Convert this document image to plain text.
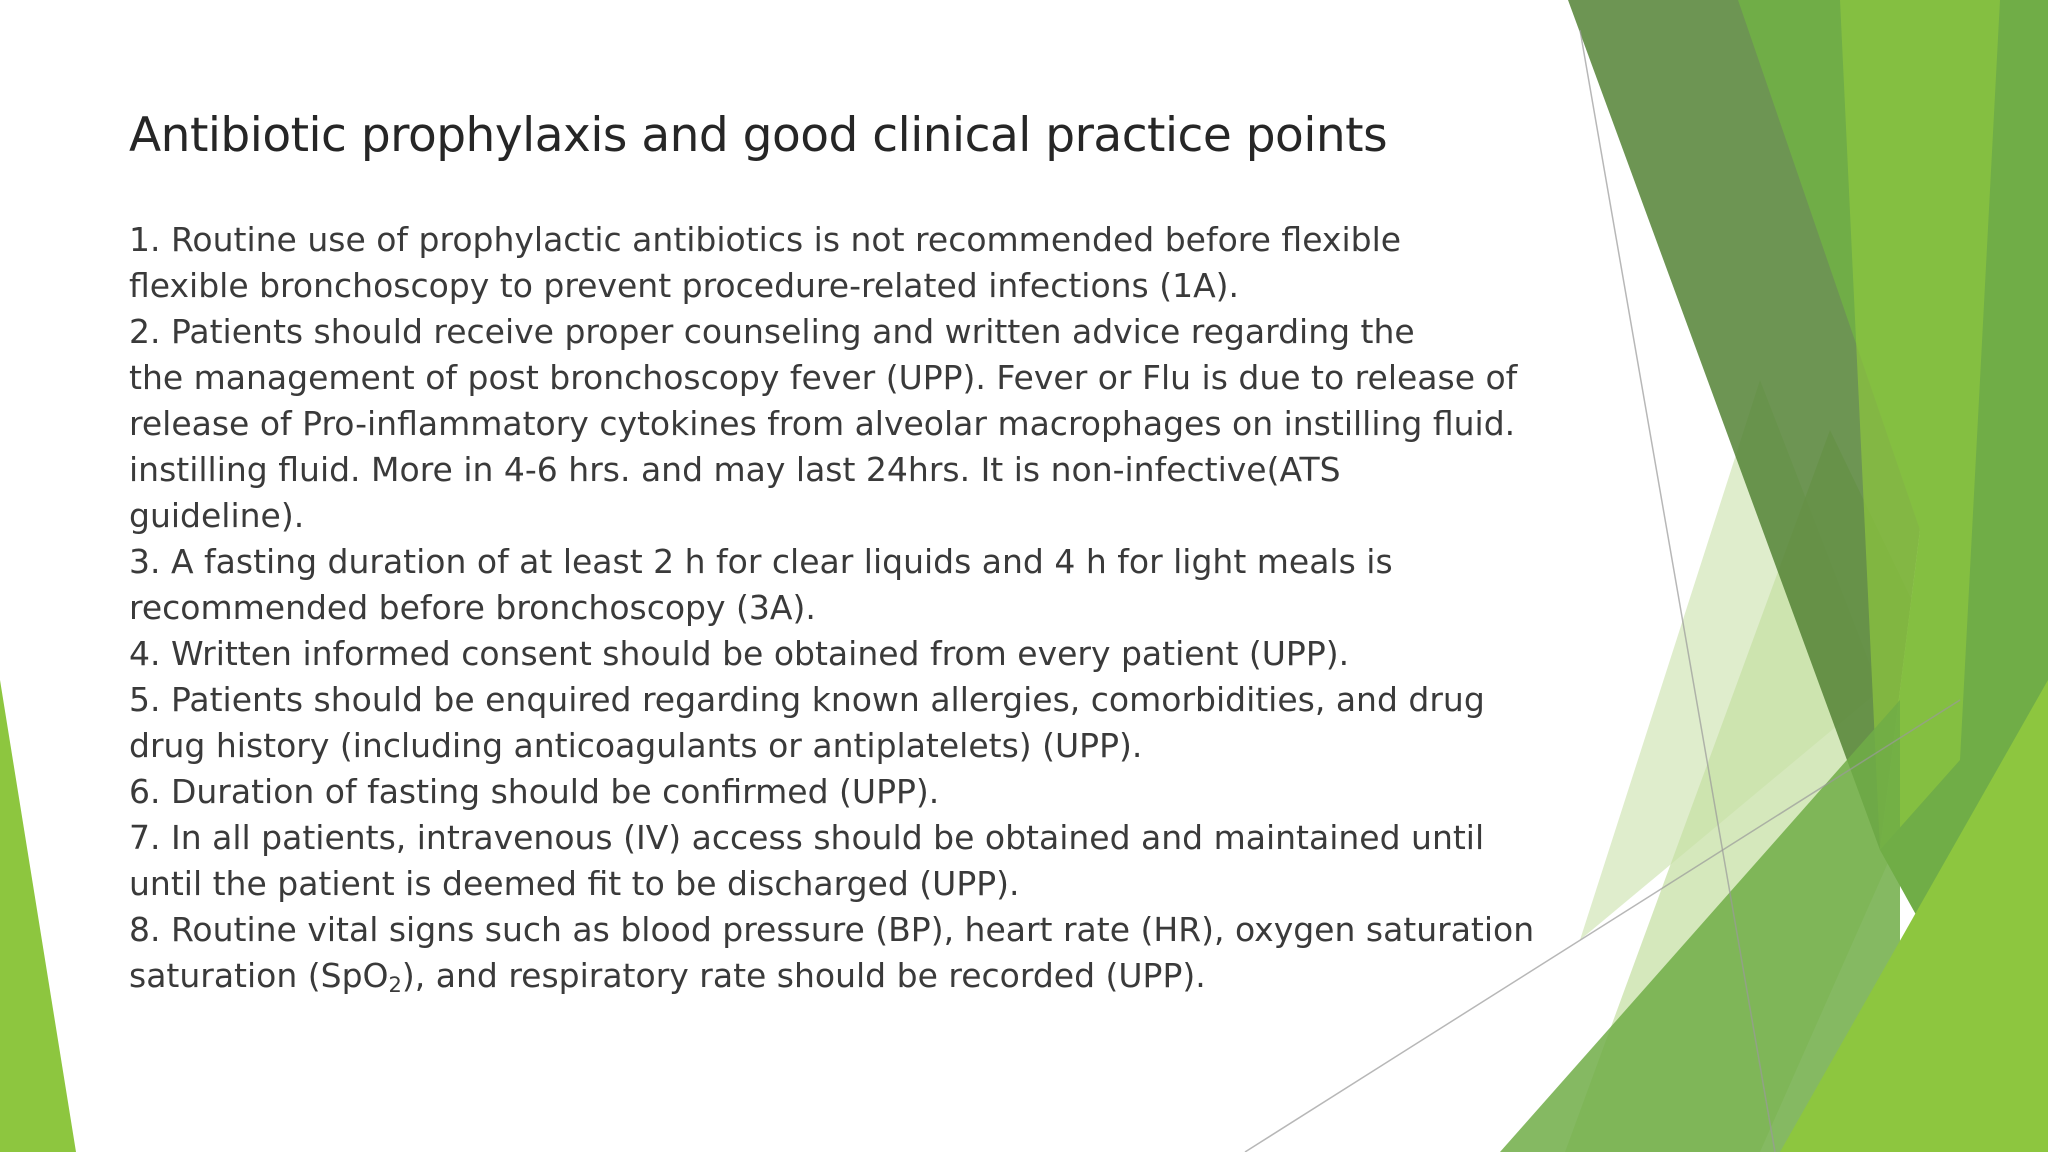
Antibiotic prophylaxis and good clinical practice points
1. Routine use of prophylactic antibiotics is not recommended before flexible
flexible bronchoscopy to prevent procedure-related infections (1A).
2. Patients should receive proper counseling and written advice regarding the
the management of post bronchoscopy fever (UPP). Fever or Flu is due to release of
release of Pro-inflammatory cytokines from alveolar macrophages on instilling fluid.
instilling fluid. More in 4-6 hrs. and may last 24hrs. It is non-infective(ATS
guideline).
3. A fasting duration of at least 2 h for clear liquids and 4 h for light meals is
recommended before bronchoscopy (3A).
4. Written informed consent should be obtained from every patient (UPP).
5. Patients should be enquired regarding known allergies, comorbidities, and drug
drug history (including anticoagulants or antiplatelets) (UPP).
6. Duration of fasting should be confirmed (UPP).
7. In all patients, intravenous (IV) access should be obtained and maintained until
until the patient is deemed fit to be discharged (UPP).
8. Routine vital signs such as blood pressure (BP), heart rate (HR), oxygen saturation
saturation (SpO$_2$), and respiratory rate should be recorded (UPP).
